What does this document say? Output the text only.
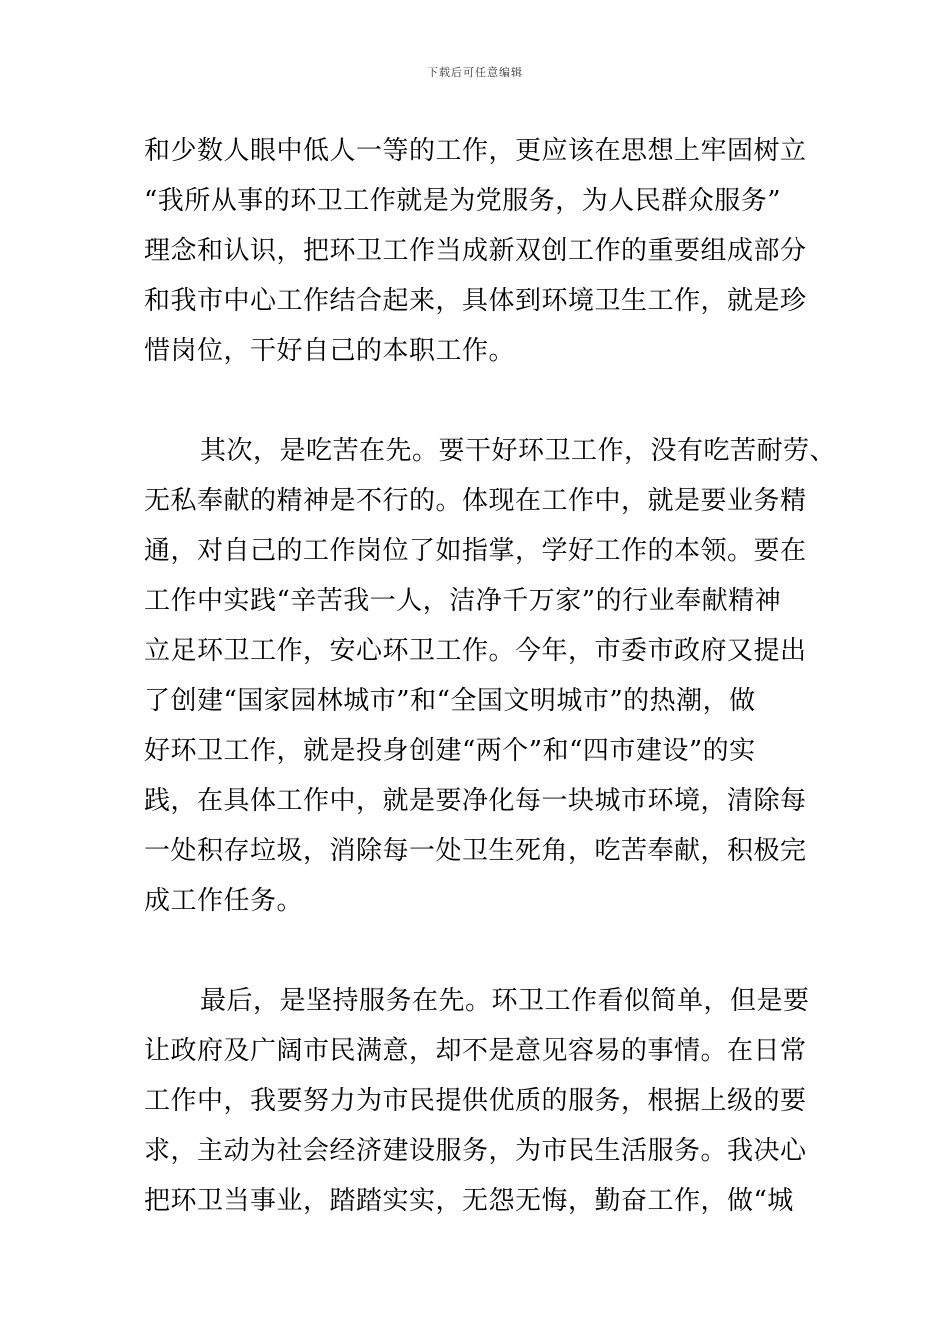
下载后可任意编辑
和少数人眼中低人一等的工作，更应该在思想上牢固树立
“我所从事的环卫工作就是为党服务，为人民群众服务”
理念和认识，把环卫工作当成新双创工作的重要组成部分
和我市中心工作结合起来，具体到环境卫生工作，就是珍
惜岗位，干好自己的本职工作。
其次，是吃苦在先。要干好环卫工作，没有吃苦耐劳、
无私奉献的精神是不行的。体现在工作中，就是要业务精
通，对自己的工作岗位了如指掌，学好工作的本领。要在
工作中实践“辛苦我一人，洁净千万家”的行业奉献精神
立足环卫工作，安心环卫工作。今年，市委市政府又提出
了创建“国家园林城市”和“全国文明城市”的热潮，做
好环卫工作，就是投身创建“两个”和“四市建设”的实
践，在具体工作中，就是要净化每一块城市环境，清除每
一处积存垃圾，消除每一处卫生死角，吃苦奉献，积极完
成工作任务。
最后，是坚持服务在先。环卫工作看似简单，但是要
让政府及广阔市民满意，却不是意见容易的事情。在日常
工作中，我要努力为市民提供优质的服务，根据上级的要
求，主动为社会经济建设服务，为市民生活服务。我决心
把环卫当事业，踏踏实实，无怨无悔，勤奋工作，做“城
